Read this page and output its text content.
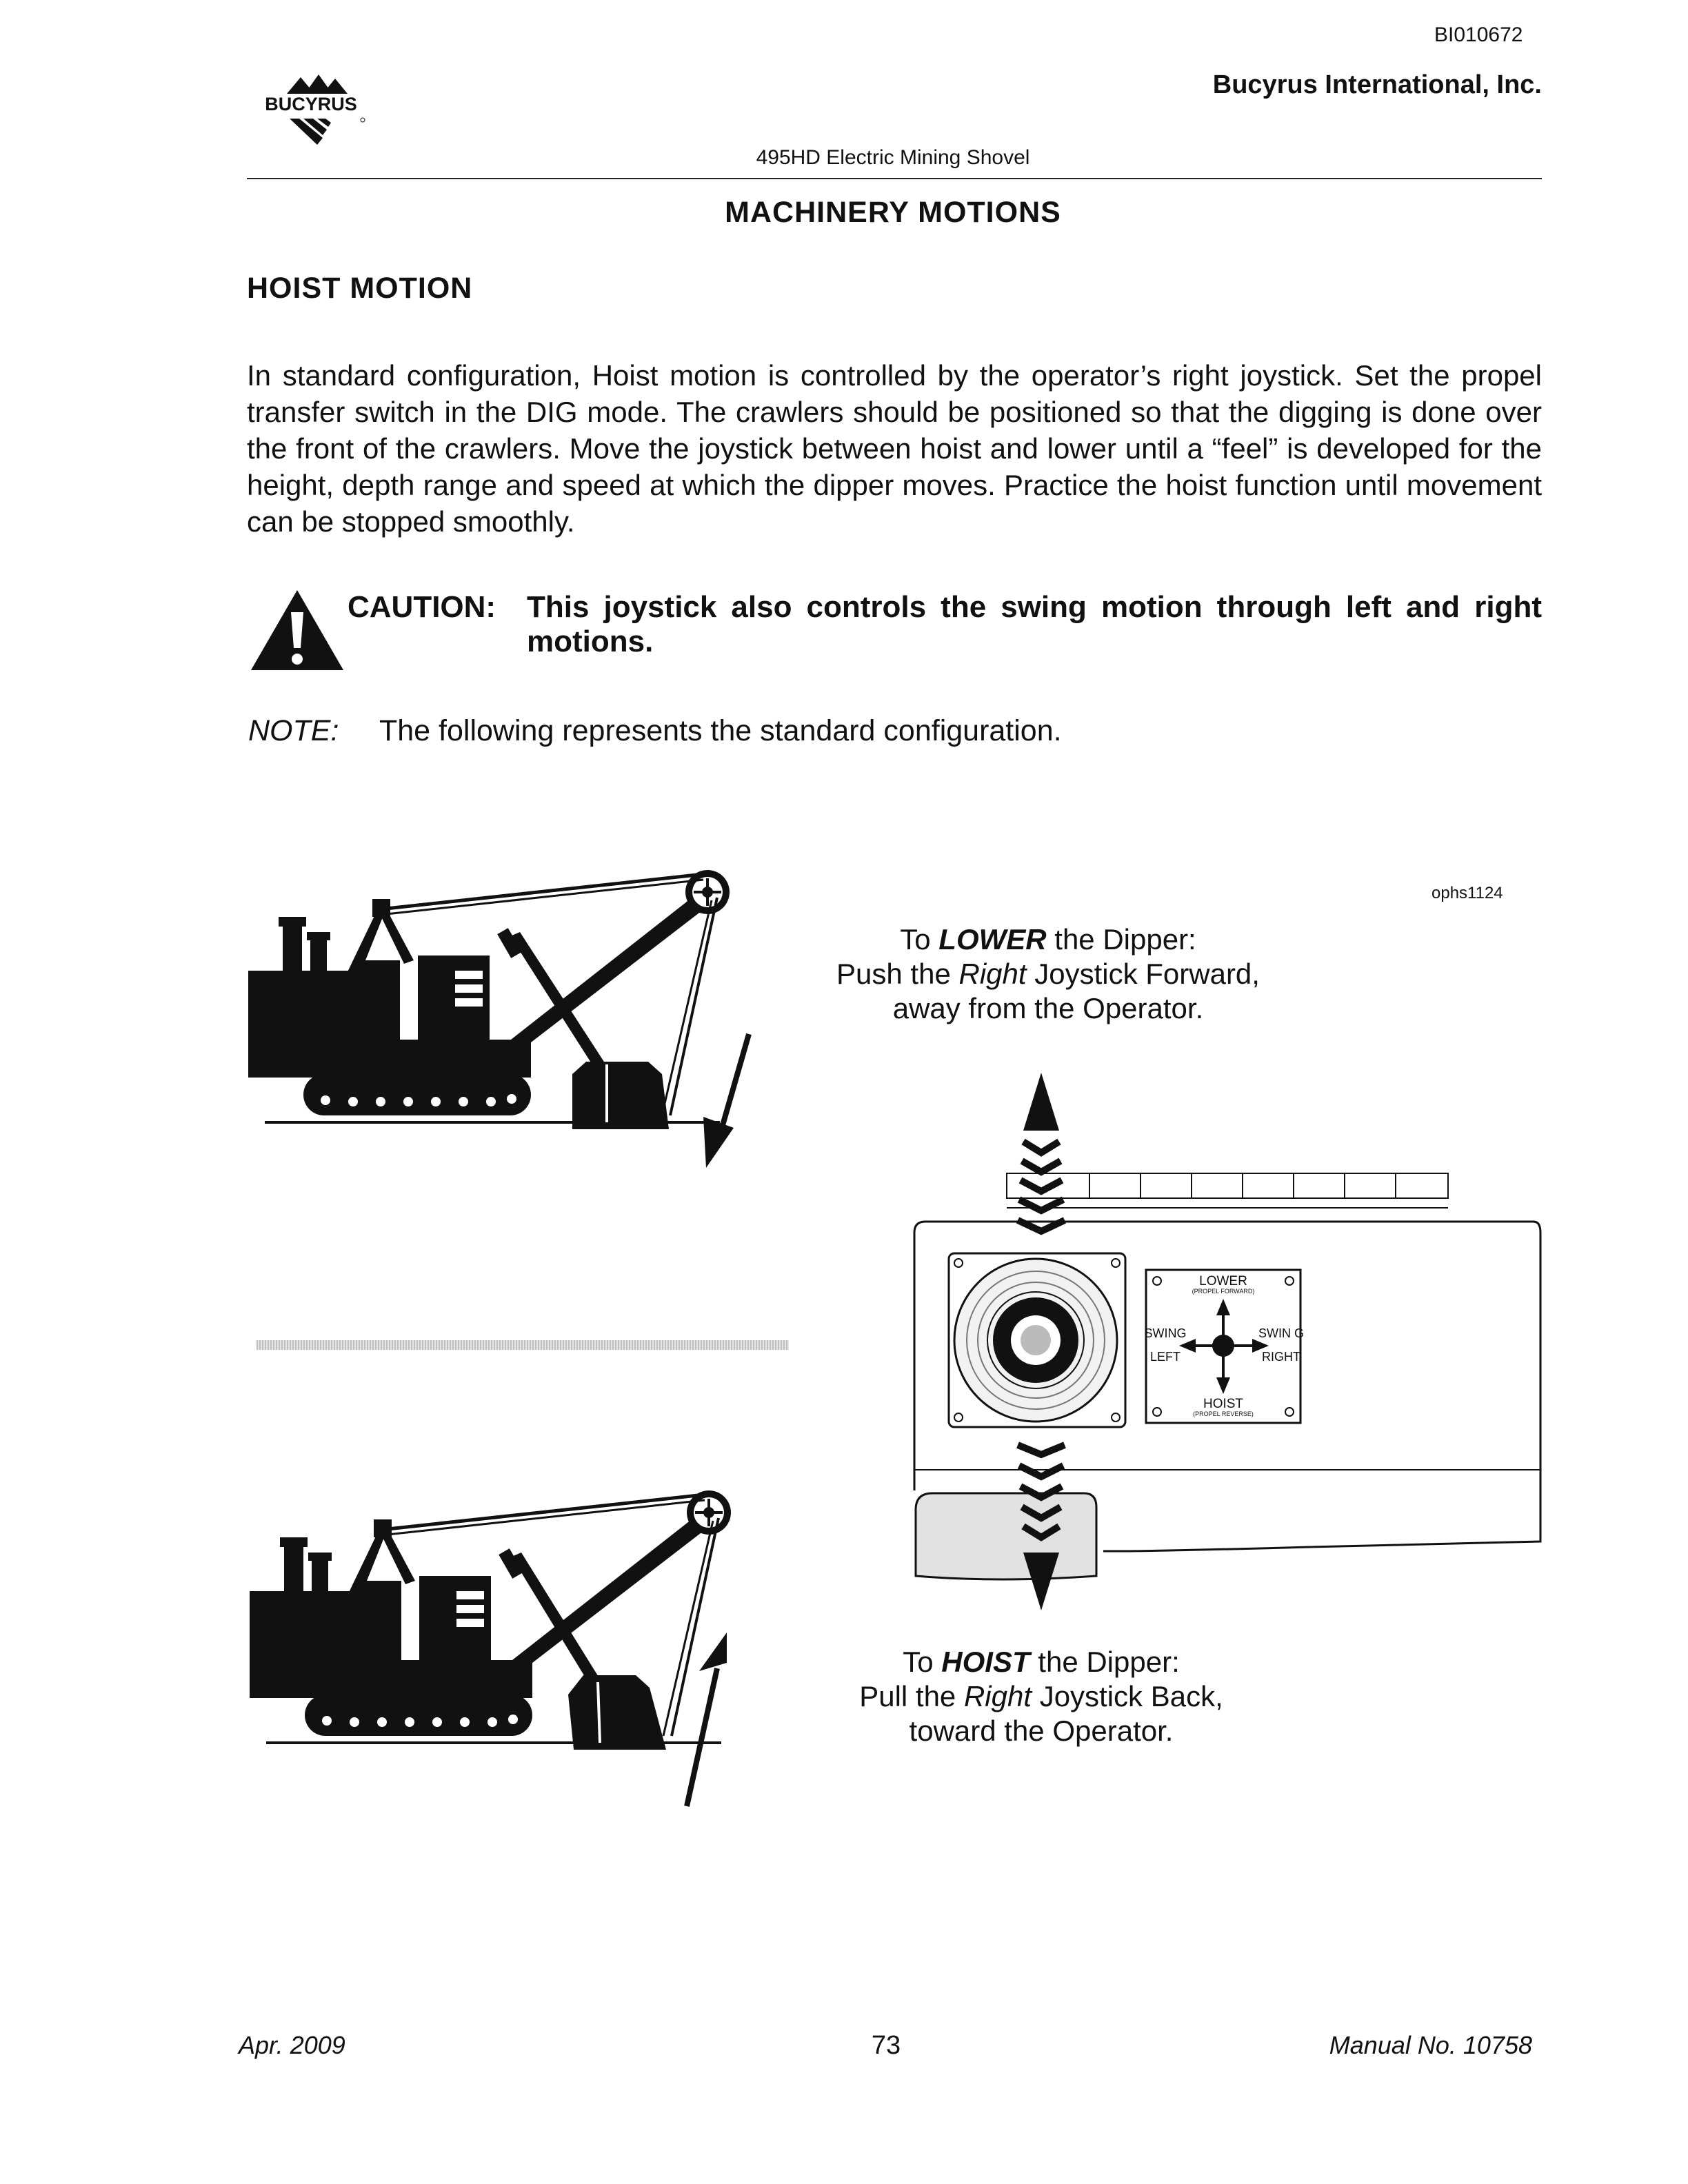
BI010672
Bucyrus International, Inc.
BUCYRUS
495HD Electric Mining Shovel
MACHINERY MOTIONS
HOIST MOTION
In standard configuration, Hoist motion is controlled by the operator’s right joystick. Set the propel transfer switch in the DIG mode. The crawlers should be positioned so that the digging is done over the front of the crawlers. Move the joystick between hoist and lower until a “feel” is developed for the height, depth range and speed at which the dipper moves. Practice the hoist function until movement can be stopped smoothly.
CAUTION: This joystick also controls the swing motion through left and right motions.
NOTE: The following represents the standard configuration.
ophs1124
To LOWER the Dipper:
Push the Right Joystick Forward,
away from the Operator.
To HOIST the Dipper:
Pull the Right Joystick Back,
toward the Operator.
LOWER
(PROPEL FORWARD)
SWING
LEFT
SWIN G
RIGHT
HOIST
(PROPEL REVERSE)
Apr. 2009	73	Manual No. 10758
